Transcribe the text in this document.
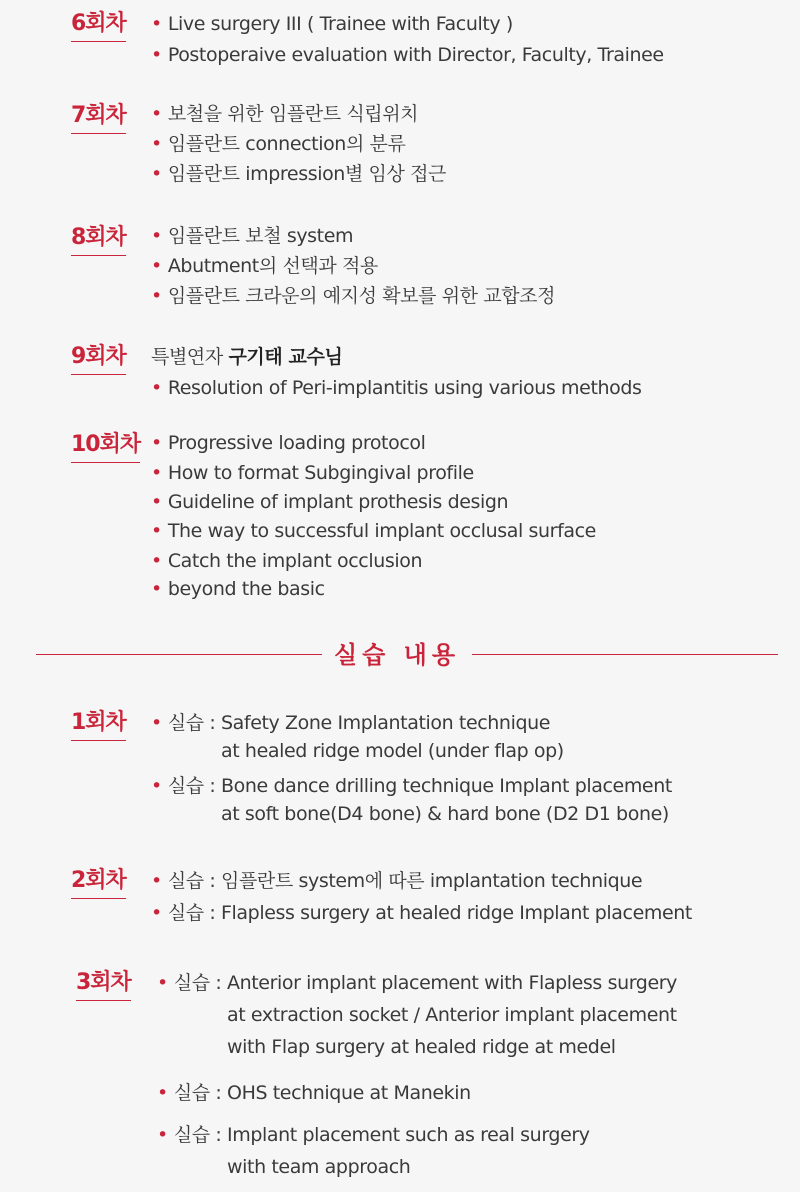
6회차 • Live surgery III ( Trainee with Faculty )
• Postoperaive evaluation with Director, Faculty, Trainee
7회차 • 보철을 위한 임플란트 식립위치
• 임플란트 connection의 분류
• 임플란트 impression별 임상 접근
8회차 • 임플란트 보철 system
• Abutment의 선택과 적용
• 임플란트 크라운의 예지성 확보를 위한 교합조정
9회차 특별연자 구기태 교수님
• Resolution of Peri-implantitis using various methods
10회차 • Progressive loading protocol
• How to format Subgingival profile
• Guideline of implant prothesis design
• The way to successful implant occlusal surface
• Catch the implant occlusion
• beyond the basic
실습 내용
1회차 • 실습 : Safety Zone Implantation technique
at healed ridge model (under flap op)
• 실습 : Bone dance drilling technique Implant placement
at soft bone(D4 bone) & hard bone (D2 D1 bone)
2회차 • 실습 : 임플란트 system에 따른 implantation technique
• 실습 : Flapless surgery at healed ridge Implant placement
3회차 • 실습 : Anterior implant placement with Flapless surgery
at extraction socket / Anterior implant placement
with Flap surgery at healed ridge at medel
• 실습 : OHS technique at Manekin
• 실습 : Implant placement such as real surgery
with team approach
